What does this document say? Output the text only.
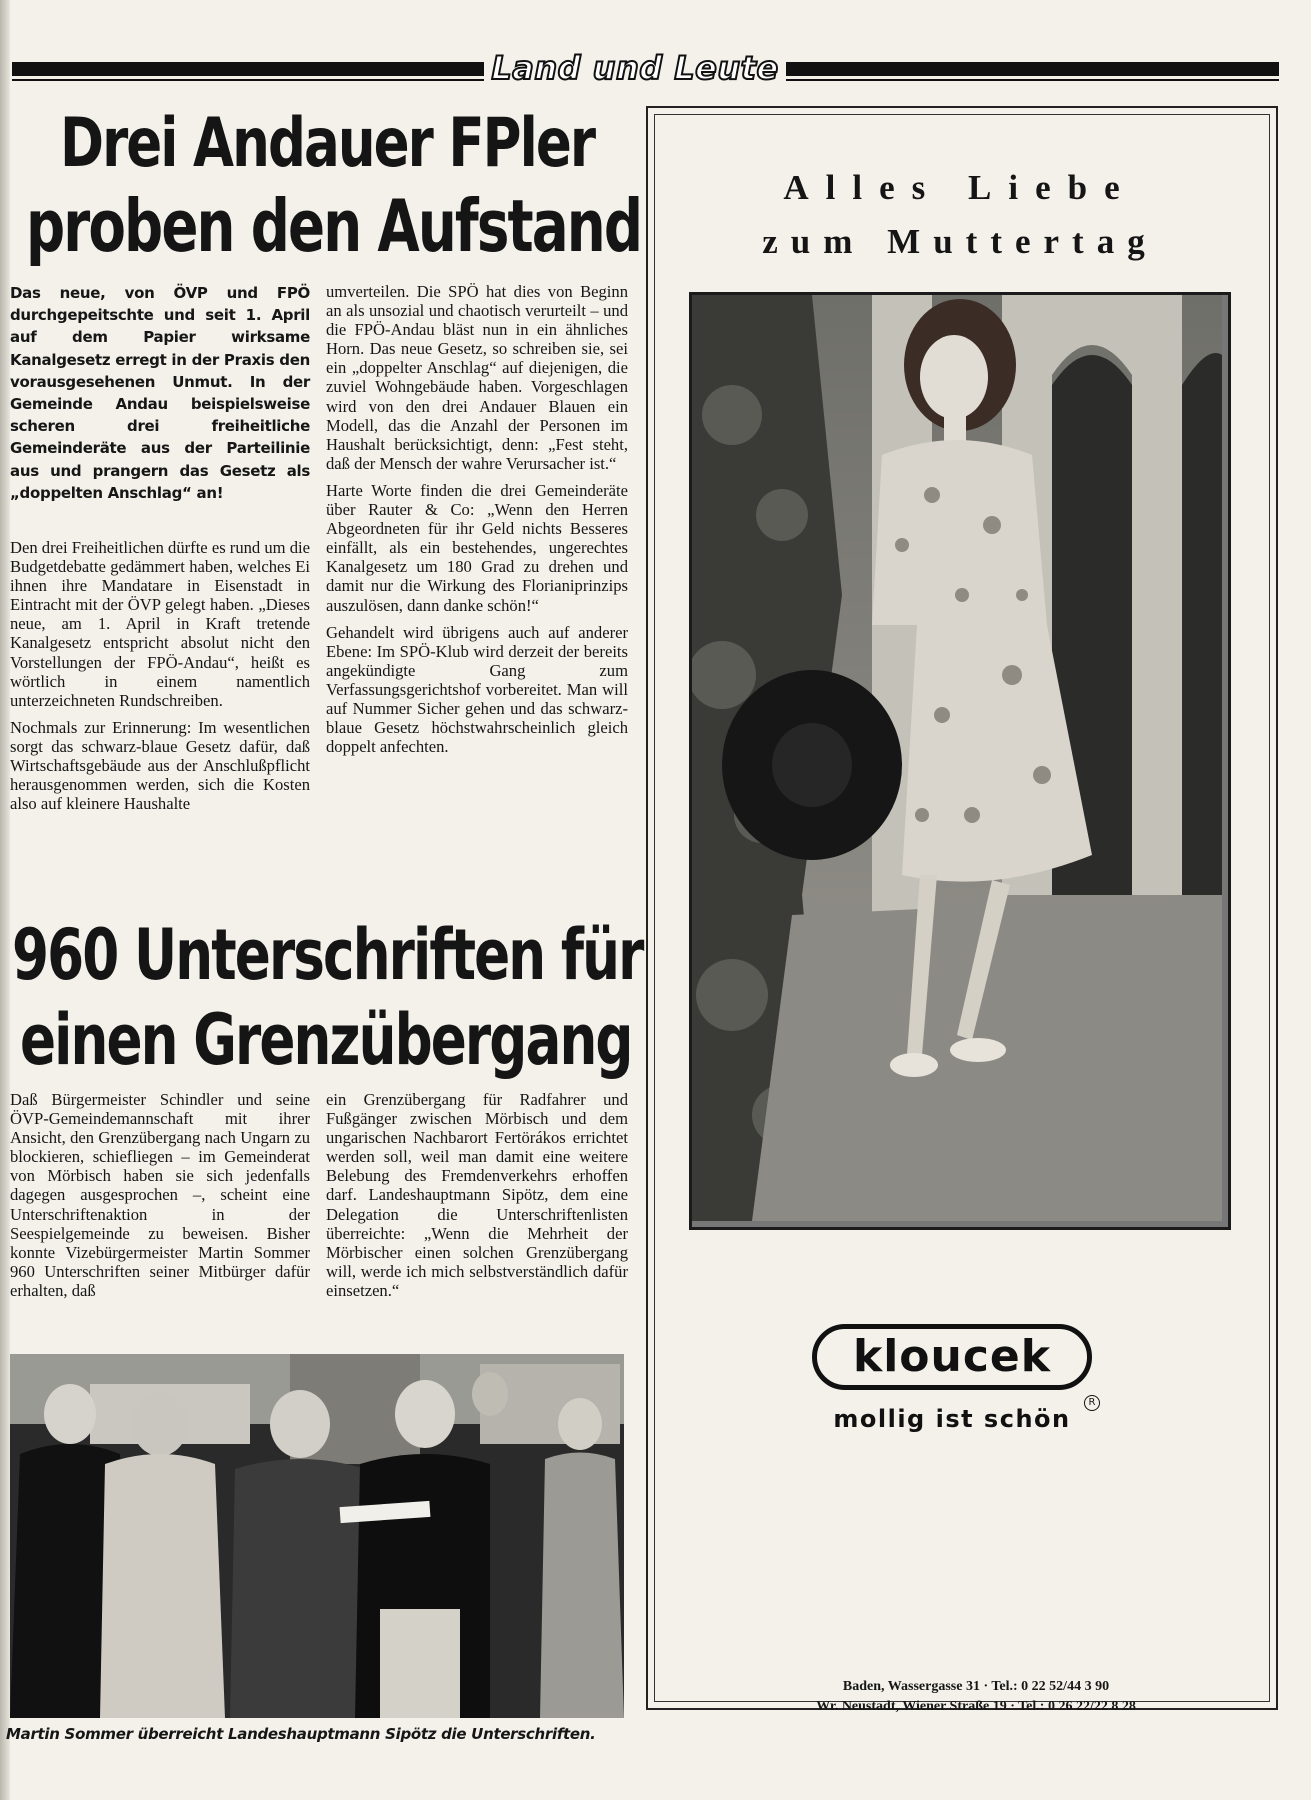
Land und Leute
Drei Andauer FPler
proben den Aufstand
Das neue, von ÖVP und FPÖ durchgepeitschte und seit 1. April auf dem Papier wirksame Kanalgesetz erregt in der Praxis den vorausgesehenen Unmut. In der Gemeinde Andau beispielsweise scheren drei freiheitliche Gemeinderäte aus der Parteilinie aus und prangern das Gesetz als „doppelten Anschlag“ an!

Den drei Freiheitlichen dürfte es rund um die Budgetdebatte gedämmert haben, welches Ei ihnen ihre Mandatare in Eisenstadt in Eintracht mit der ÖVP gelegt haben. „Dieses neue, am 1. April in Kraft tretende Kanalgesetz entspricht absolut nicht den Vorstellungen der FPÖ-Andau“, heißt es wörtlich in einem namentlich unterzeichneten Rundschreiben.

Nochmals zur Erinnerung: Im wesentlichen sorgt das schwarz-blaue Gesetz dafür, daß Wirtschaftsgebäude aus der Anschlußpflicht herausgenommen werden, sich die Kosten also auf kleinere Haushalte

umverteilen. Die SPÖ hat dies von Beginn an als unsozial und chaotisch verurteilt – und die FPÖ-Andau bläst nun in ein ähnliches Horn. Das neue Gesetz, so schreiben sie, sei ein „doppelter Anschlag“ auf diejenigen, die zuviel Wohngebäude haben. Vorgeschlagen wird von den drei Andauer Blauen ein Modell, das die Anzahl der Personen im Haushalt berücksichtigt, denn: „Fest steht, daß der Mensch der wahre Verursacher ist.“

Harte Worte finden die drei Gemeinderäte über Rauter & Co: „Wenn den Herren Abgeordneten für ihr Geld nichts Besseres einfällt, als ein bestehendes, ungerechtes Kanalgesetz um 180 Grad zu drehen und damit nur die Wirkung des Florianiprinzips auszulösen, dann danke schön!“

Gehandelt wird übrigens auch auf anderer Ebene: Im SPÖ-Klub wird derzeit der bereits angekündigte Gang zum Verfassungsgerichtshof vorbereitet. Man will auf Nummer Sicher gehen und das schwarz-blaue Gesetz höchstwahrscheinlich gleich doppelt anfechten.

960 Unterschriften für
einen Grenzübergang

Daß Bürgermeister Schindler und seine ÖVP-Gemeindemannschaft mit ihrer Ansicht, den Grenzübergang nach Ungarn zu blockieren, schiefliegen – im Gemeinderat von Mörbisch haben sie sich jedenfalls dagegen ausgesprochen –, scheint eine Unterschriftenaktion in der Seespielgemeinde zu beweisen. Bisher konnte Vizebürgermeister Martin Sommer 960 Unterschriften seiner Mitbürger dafür erhalten, daß

ein Grenzübergang für Radfahrer und Fußgänger zwischen Mörbisch und dem ungarischen Nachbarort Fertörákos errichtet werden soll, weil man damit eine weitere Belebung des Fremdenverkehrs erhoffen darf. Landeshauptmann Sipötz, dem eine Delegation die Unterschriftenlisten überreichte: „Wenn die Mehrheit der Mörbischer einen solchen Grenzübergang will, werde ich mich selbstverständlich dafür einsetzen.“

Martin Sommer überreicht Landeshauptmann Sipötz die Unterschriften.
Alles Liebe
zum Muttertag
kloucek
R
mollig ist schön
Baden, Wassergasse 31 · Tel.: 0 22 52/44 3 90
Wr. Neustadt, Wiener Straße 19 · Tel.: 0 26 22/22 8 28
